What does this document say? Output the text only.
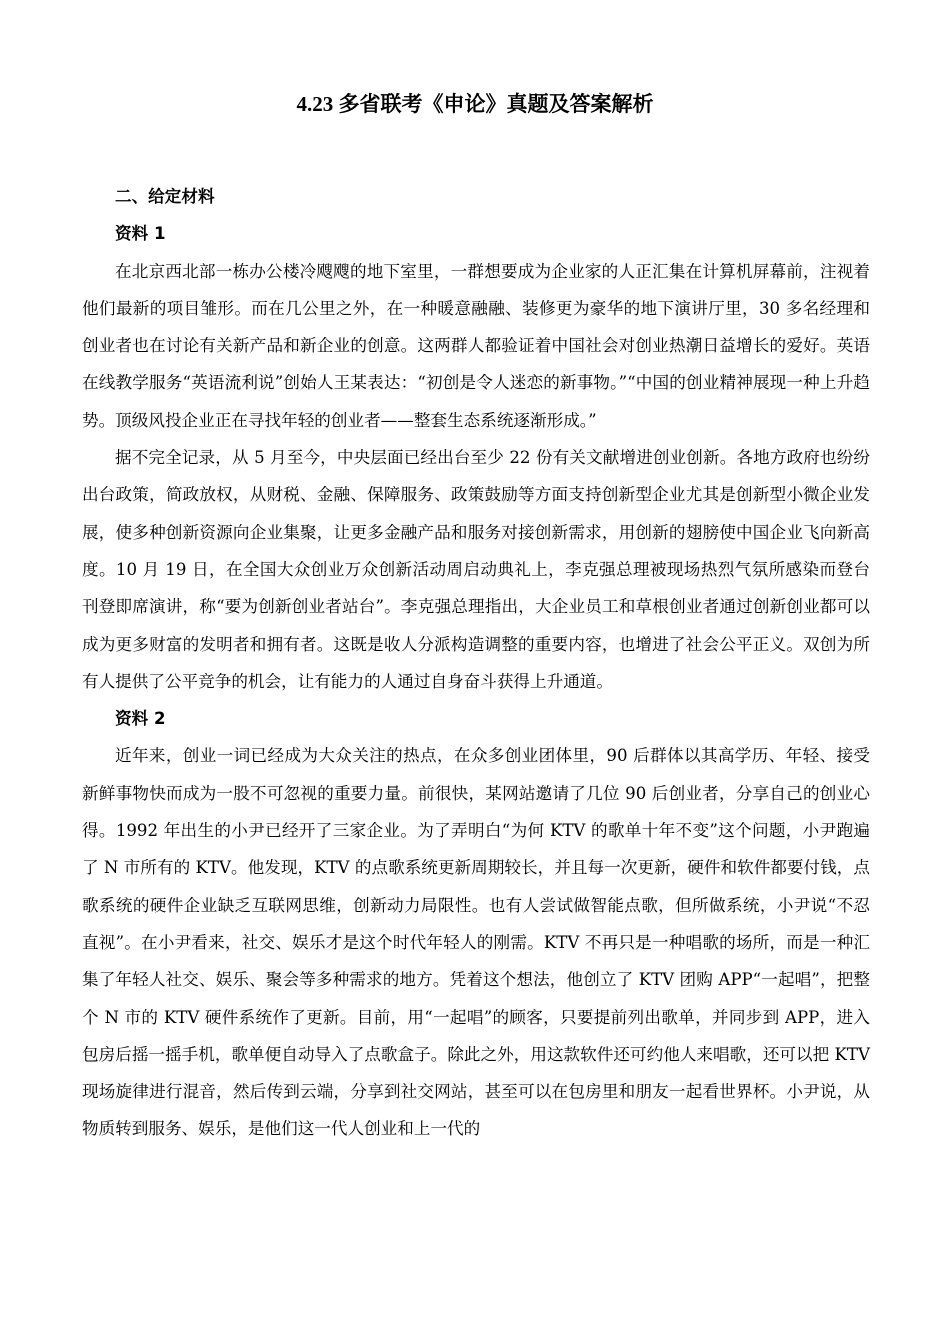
4.23 多省联考《申论》真题及答案解析

二、给定材料

资料 1

在北京西北部一栋办公楼冷飕飕的地下室里，一群想要成为企业家的人正汇集在计算机屏幕前，注视着他们最新的项目雏形。而在几公里之外，在一种暖意融融、装修更为豪华的地下演讲厅里，30 多名经理和创业者也在讨论有关新产品和新企业的创意。这两群人都验证着中国社会对创业热潮日益增长的爱好。英语在线教学服务“英语流利说”创始人王某表达：“初创是令人迷恋的新事物。”“中国的创业精神展现一种上升趋势。顶级风投企业正在寻找年轻的创业者——整套生态系统逐渐形成。”

据不完全记录，从 5 月至今，中央层面已经出台至少 22 份有关文献增进创业创新。各地方政府也纷纷出台政策，简政放权，从财税、金融、保障服务、政策鼓励等方面支持创新型企业尤其是创新型小微企业发展，使多种创新资源向企业集聚，让更多金融产品和服务对接创新需求，用创新的翅膀使中国企业飞向新高度。10 月 19 日，在全国大众创业万众创新活动周启动典礼上，李克强总理被现场热烈气氛所感染而登台刊登即席演讲，称“要为创新创业者站台”。李克强总理指出，大企业员工和草根创业者通过创新创业都可以成为更多财富的发明者和拥有者。这既是收人分派构造调整的重要内容，也增进了社会公平正义。双创为所有人提供了公平竞争的机会，让有能力的人通过自身奋斗获得上升通道。

资料 2

近年来，创业一词已经成为大众关注的热点，在众多创业团体里，90 后群体以其高学历、年轻、接受新鲜事物快而成为一股不可忽视的重要力量。前很快，某网站邀请了几位 90 后创业者，分享自己的创业心得。1992 年出生的小尹已经开了三家企业。为了弄明白“为何 KTV 的歌单十年不变”这个问题，小尹跑遍了 N 市所有的 KTV。他发现，KTV 的点歌系统更新周期较长，并且每一次更新，硬件和软件都要付钱，点歌系统的硬件企业缺乏互联网思维，创新动力局限性。也有人尝试做智能点歌，但所做系统，小尹说“不忍直视”。在小尹看来，社交、娱乐才是这个时代年轻人的刚需。KTV 不再只是一种唱歌的场所，而是一种汇集了年轻人社交、娱乐、聚会等多种需求的地方。凭着这个想法，他创立了 KTV 团购 APP“一起唱”，把整个 N 市的 KTV 硬件系统作了更新。目前，用“一起唱”的顾客，只要提前列出歌单，并同步到 APP，进入包房后摇一摇手机，歌单便自动导入了点歌盒子。除此之外，用这款软件还可约他人来唱歌，还可以把 KTV 现场旋律进行混音，然后传到云端，分享到社交网站，甚至可以在包房里和朋友一起看世界杯。小尹说，从物质转到服务、娱乐，是他们这一代人创业和上一代的
